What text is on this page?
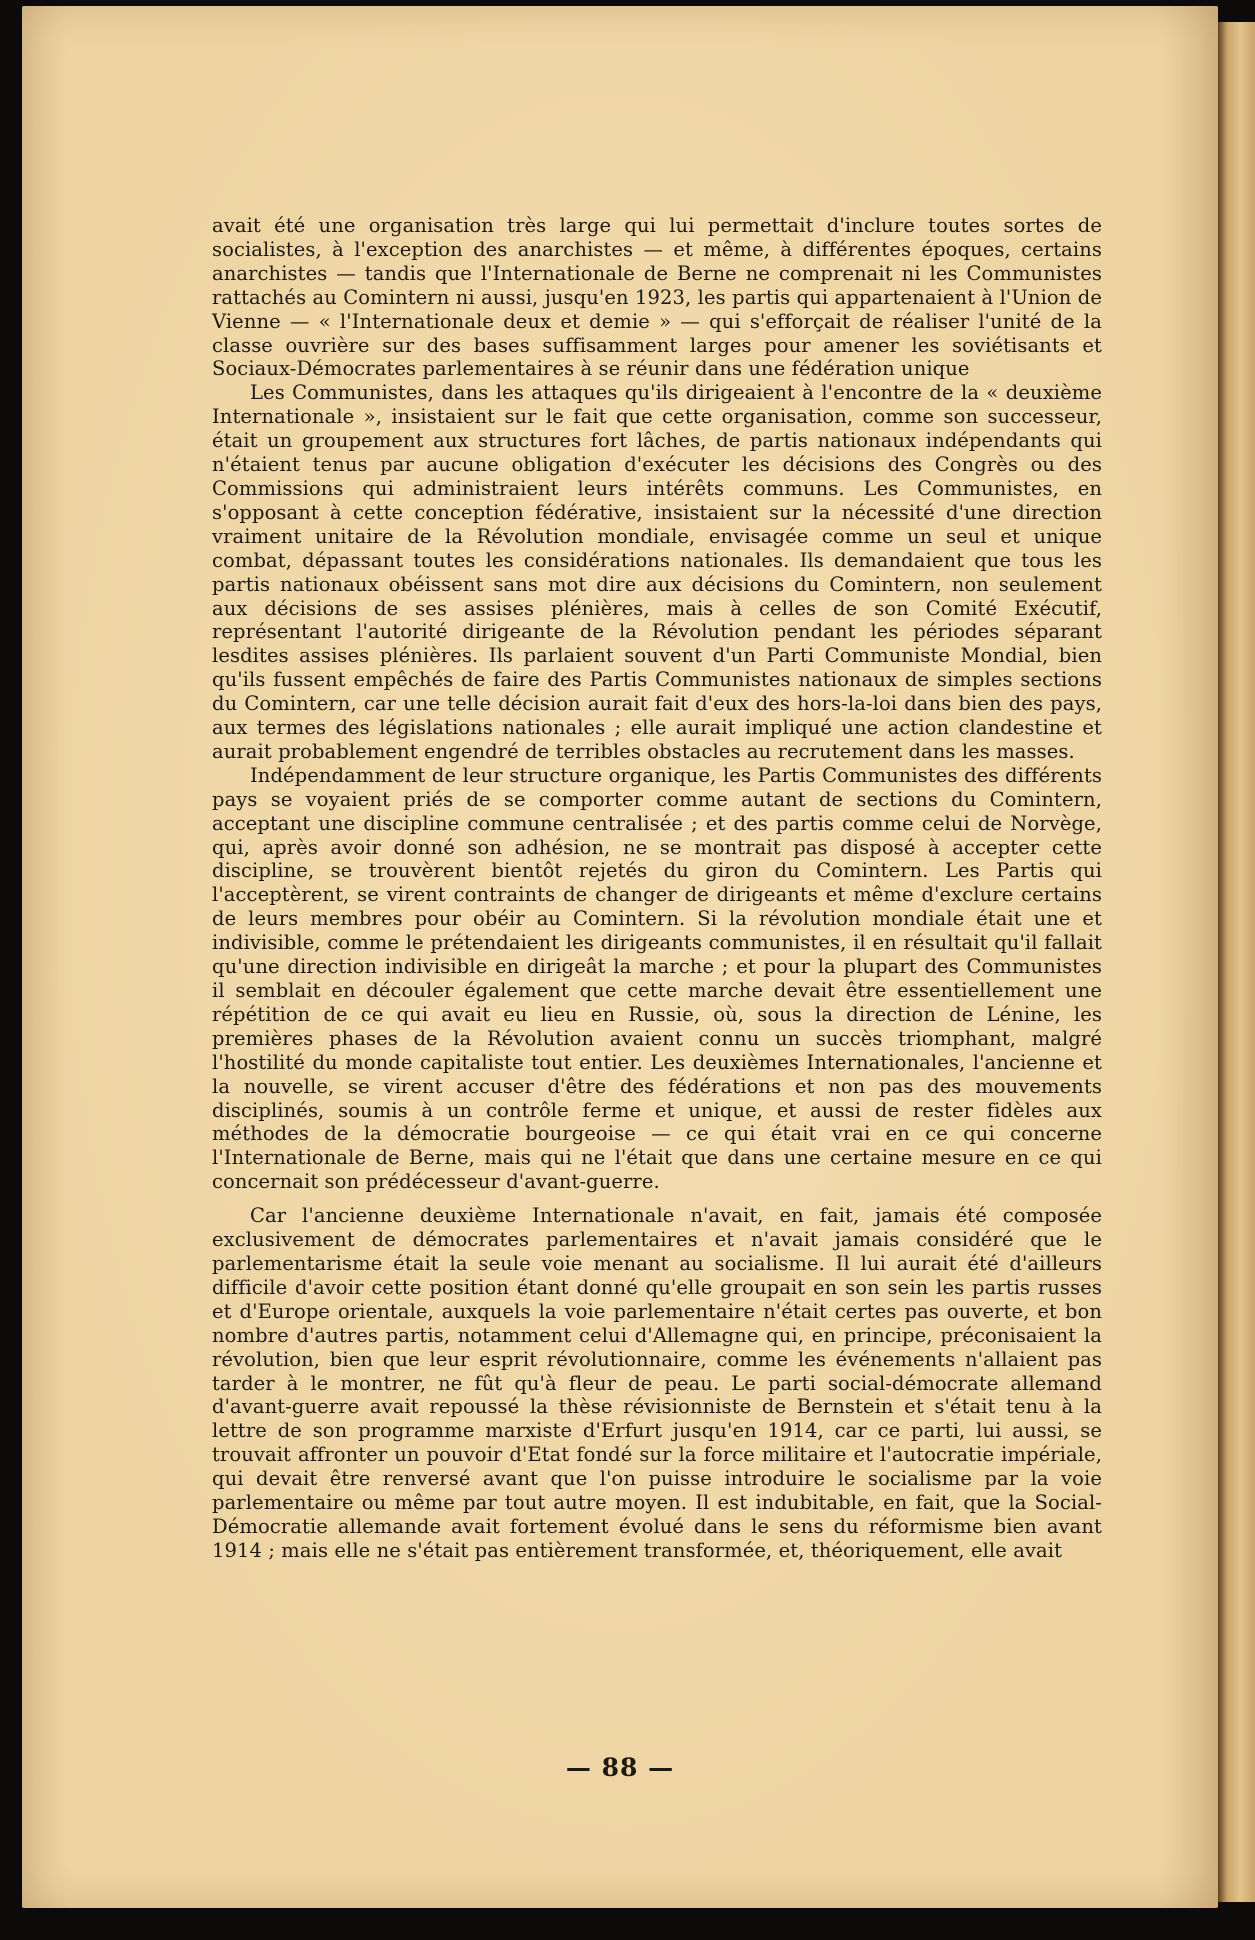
avait été une organisation très large qui lui permettait d'inclure toutes sortes de socialistes, à l'exception des anarchistes — et même, à différentes époques, certains anarchistes — tandis que l'Internationale de Berne ne comprenait ni les Communistes rattachés au Comintern ni aussi, jusqu'en 1923, les partis qui appartenaient à l'Union de Vienne — « l'Internationale deux et demie » — qui s'efforçait de réaliser l'unité de la classe ouvrière sur des bases suffisamment larges pour amener les soviétisants et Sociaux-Démocrates parlementaires à se réunir dans une fédération unique

Les Communistes, dans les attaques qu'ils dirigeaient à l'encontre de la « deuxième Internationale », insistaient sur le fait que cette organisation, comme son successeur, était un groupement aux structures fort lâches, de partis nationaux indépendants qui n'étaient tenus par aucune obligation d'exécuter les décisions des Congrès ou des Commissions qui administraient leurs intérêts communs. Les Communistes, en s'opposant à cette conception fédérative, insistaient sur la nécessité d'une direction vraiment unitaire de la Révolution mondiale, envisagée comme un seul et unique combat, dépassant toutes les considérations nationales. Ils demandaient que tous les partis nationaux obéissent sans mot dire aux décisions du Comintern, non seulement aux décisions de ses assises plénières, mais à celles de son Comité Exécutif, représentant l'autorité dirigeante de la Révolution pendant les périodes séparant lesdites assises plénières. Ils parlaient souvent d'un Parti Communiste Mondial, bien qu'ils fussent empêchés de faire des Partis Communistes nationaux de simples sections du Comintern, car une telle décision aurait fait d'eux des hors-la-loi dans bien des pays, aux termes des législations nationales ; elle aurait impliqué une action clandestine et aurait probablement engendré de terribles obstacles au recrutement dans les masses.

Indépendamment de leur structure organique, les Partis Communistes des différents pays se voyaient priés de se comporter comme autant de sections du Comintern, acceptant une discipline commune centralisée ; et des partis comme celui de Norvège, qui, après avoir donné son adhésion, ne se montrait pas disposé à accepter cette discipline, se trouvèrent bientôt rejetés du giron du Comintern. Les Partis qui l'acceptèrent, se virent contraints de changer de dirigeants et même d'exclure certains de leurs membres pour obéir au Comintern. Si la révolution mondiale était une et indivisible, comme le prétendaient les dirigeants communistes, il en résultait qu'il fallait qu'une direction indivisible en dirigeât la marche ; et pour la plupart des Communistes il semblait en découler également que cette marche devait être essentiellement une répétition de ce qui avait eu lieu en Russie, où, sous la direction de Lénine, les premières phases de la Révolution avaient connu un succès triomphant, malgré l'hostilité du monde capitaliste tout entier. Les deuxièmes Internationales, l'ancienne et la nouvelle, se virent accuser d'être des fédérations et non pas des mouvements disciplinés, soumis à un contrôle ferme et unique, et aussi de rester fidèles aux méthodes de la démocratie bourgeoise — ce qui était vrai en ce qui concerne l'Internationale de Berne, mais qui ne l'était que dans une certaine mesure en ce qui concernait son prédécesseur d'avant-guerre.

Car l'ancienne deuxième Internationale n'avait, en fait, jamais été composée exclusivement de démocrates parlementaires et n'avait jamais considéré que le parlementarisme était la seule voie menant au socialisme. Il lui aurait été d'ailleurs difficile d'avoir cette position étant donné qu'elle groupait en son sein les partis russes et d'Europe orientale, auxquels la voie parlementaire n'était certes pas ouverte, et bon nombre d'autres partis, notamment celui d'Allemagne qui, en principe, préconisaient la révolution, bien que leur esprit révolutionnaire, comme les événements n'allaient pas tarder à le montrer, ne fût qu'à fleur de peau. Le parti social-démocrate allemand d'avant-guerre avait repoussé la thèse révisionniste de Bernstein et s'était tenu à la lettre de son programme marxiste d'Erfurt jusqu'en 1914, car ce parti, lui aussi, se trouvait affronter un pouvoir d'Etat fondé sur la force militaire et l'autocratie impériale, qui devait être renversé avant que l'on puisse introduire le socialisme par la voie parlementaire ou même par tout autre moyen. Il est indubitable, en fait, que la Social-Démocratie allemande avait fortement évolué dans le sens du réformisme bien avant 1914 ; mais elle ne s'était pas entièrement transformée, et, théoriquement, elle avait

— 88 —
